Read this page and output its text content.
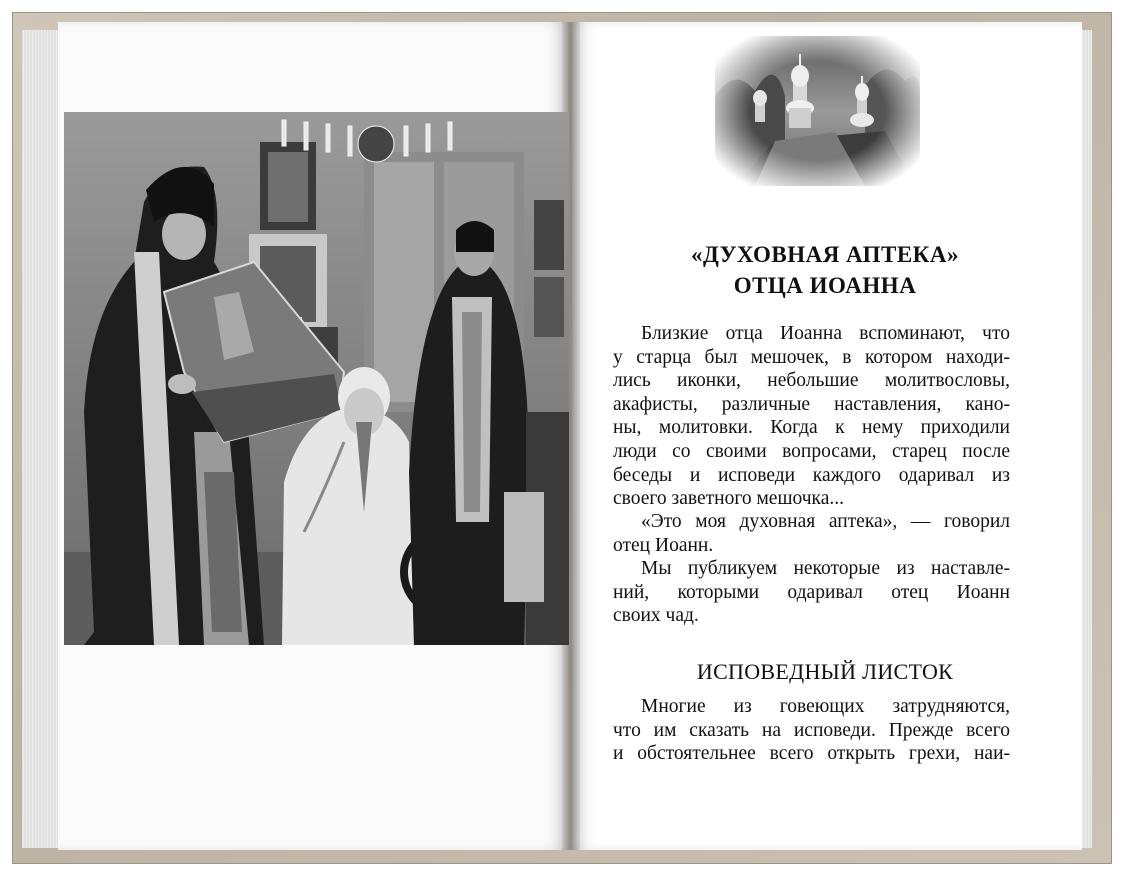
«ДУХОВНАЯ АПТЕКА»
ОТЦА ИОАННА
Близкие отца Иоанна вспоминают, что
у старца был мешочек, в котором находи-
лись иконки, небольшие молитвословы,
акафисты, различные наставления, кано-
ны, молитовки. Когда к нему приходили
люди со своими вопросами, старец после
беседы и исповеди каждого одаривал из
своего заветного мешочка...
«Это моя духовная аптека», — говорил
отец Иоанн.
Мы публикуем некоторые из наставле-
ний, которыми одаривал отец Иоанн
своих чад.
ИСПОВЕДНЫЙ ЛИСТОК
Многие из говеющих затрудняются,
что им сказать на исповеди. Прежде всего
и обстоятельнее всего открыть грехи, наи-
